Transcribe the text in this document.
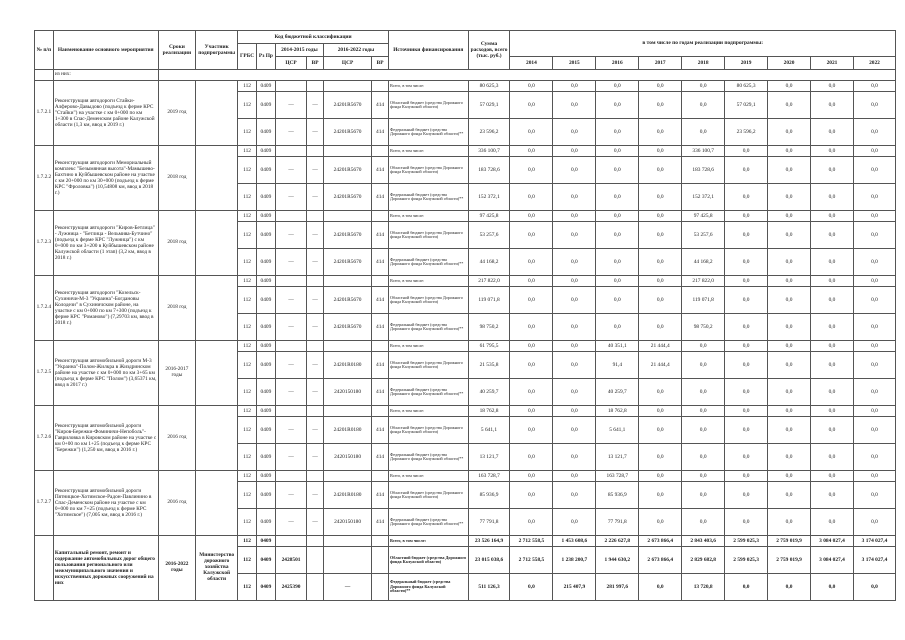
№ п/п	Наименование основного мероприятия	Сроки реализации	Участник подпрограммы	Код бюджетной классификации						Источники финансирования	Сумма расходов, всего (тыс. руб.)	в том числе по годам реализации подпрограммы:								
				ГРБС	Рз Пр	2014-2015 годы		2016-2022 годы												
						ЦСР	ВР	ЦСР	ВР											
												2014	2015	2016	2017	2018	2019	2020	2021	2022
	из них:																			
1.7.2.1	Реконструкция автодороги Стайки-Алферово-Давыдово (подъезд к ферме КРС "Стайки") на участке с км 0+000 по км 1+300 в Спас-Деменском районе Калужской области (1,3 км, ввод в 2019 г.)	2019 год		112	0409					Всего, в том числе:	80 625,3	0,0	0,0	0,0	0,0	0,0	80 625,3	0,0	0,0	0,0
				112	0409	—	—	24201R5670	414	Областной бюджет (средства Дорожного фонда Калужской области)	57 029,1	0,0	0,0	0,0	0,0	0,0	57 029,1	0,0	0,0	0,0
				112	0409	—	—	24201R5670	414	Федеральный бюджет (средства Дорожного фонда Калужской области)**	23 596,2	0,0	0,0	0,0	0,0	0,0	23 596,2	0,0	0,0	0,0
1.7.2.2	Реконструкция автодороги Мемориальный комплекс "Безымянная высота"-Мамышево-Бахтино в Куйбышевском районе на участке с км 20+000 по км 30+000 (подъезд к ферме КРС "Фроловка") (10,54808 км, ввод в 2018 г.)	2018 год		112	0409					Всего, в том числе:	336 100,7	0,0	0,0	0,0	0,0	336 100,7	0,0	0,0	0,0	0,0
				112	0409	—	—	24201R5670	414	Областной бюджет (средства Дорожного фонда Калужской области)	183 728,6	0,0	0,0	0,0	0,0	183 728,6	0,0	0,0	0,0	0,0
				112	0409	—	—	24201R5670	414	Федеральный бюджет (средства Дорожного фонда Калужской области)**	152 372,1	0,0	0,0	0,0	0,0	152 372,1	0,0	0,0	0,0	0,0
1.7.2.3	Реконструкция автодороги "Киров-Бетлица" - Лужница - "Бетлица - Вельмива-Бутчино" (подъезд к ферме КРС "Лужница") с км 0+000 по км 3+200 в Куйбышевском районе Калужской области (1 этап) (3,2 км, ввод в 2018 г.)	2018 год		112	0409					Всего, в том числе:	97 425,8	0,0	0,0	0,0	0,0	97 425,8	0,0	0,0	0,0	0,0
				112	0409	—	—	24201R5670	414	Областной бюджет (средства Дорожного фонда Калужской области)	53 257,6	0,0	0,0	0,0	0,0	53 257,6	0,0	0,0	0,0	0,0
				112	0409	—	—	24201R5670	414	Федеральный бюджет (средства Дорожного фонда Калужской области)**	44 168,2	0,0	0,0	0,0	0,0	44 168,2	0,0	0,0	0,0	0,0
1.7.2.4	Реконструкция автодороги "Козельск-Сухиничи-М-3 "Украина"-Богдановы Колодези" в Сухиничском районе, на участке с км 0+000 по км 7+300 (подъезд к ферме КРС "Романово") (7,29703 км, ввод в 2018 г.)	2018 год		112	0409					Всего, в том числе:	217 822,0	0,0	0,0	0,0	0,0	217 822,0	0,0	0,0	0,0	0,0
				112	0409	—	—	24201R5670	414	Областной бюджет (средства Дорожного фонда Калужской области)	119 071,8	0,0	0,0	0,0	0,0	119 071,8	0,0	0,0	0,0	0,0
				112	0409	—	—	24201R5670	414	Федеральный бюджет (средства Дорожного фонда Калужской области)**	98 750,2	0,0	0,0	0,0	0,0	98 750,2	0,0	0,0	0,0	0,0
1.7.2.5	Реконструкция автомобильной дороги М-3 "Украина"-Полом-Жилкра в Жиздринском районе на участке с км 0+000 по км 3+65 км (подъезд к ферме КРС "Полом") (3,65371 км, ввод в 2017 г.)	2016-2017 годы		112	0409					Всего, в том числе:	61 795,5	0,0	0,0	40 351,1	21 444,4	0,0	0,0	0,0	0,0	0,0
				112	0409	—	—	24201R0180	414	Областной бюджет (средства Дорожного фонда Калужской области)	21 535,8	0,0	0,0	91,4	21 444,4	0,0	0,0	0,0	0,0	0,0
				112	0409	—	—	2420150180	414	Федеральный бюджет (средства Дорожного фонда Калужской области)**	40 259,7	0,0	0,0	40 259,7	0,0	0,0	0,0	0,0	0,0	0,0
1.7.2.6	Реконструкция автомобильной дороги "Киров-Бережки-Фоминичи-Непоболь"-Гавриловка в Кировском районе на участке с км 0+00 по км 1+25 (подъезд к ферме КРС "Бережки") (1,250 км, ввод в 2016 г.)	2016 год		112	0409					Всего, в том числе:	18 762,8	0,0	0,0	18 762,8	0,0	0,0	0,0	0,0	0,0	0,0
				112	0409	—	—	24201R0180	414	Областной бюджет (средства Дорожного фонда Калужской области)	5 641,1	0,0	0,0	5 641,1	0,0	0,0	0,0	0,0	0,0	0,0
				112	0409	—	—	2420150180	414	Федеральный бюджет (средства Дорожного фонда Калужской области)**	13 121,7	0,0	0,0	13 121,7	0,0	0,0	0,0	0,0	0,0	0,0
1.7.2.7	Реконструкция автомобильной дороги Пятницкое-Хотимское-Радон-Павлинино в Спас-Деменском районе на участке с км 0+000 по км 7+25 (подъезд к ферме КРС "Хотимское") (7,005 км, ввод в 2016 г.)	2016 год		112	0409					Всего, в том числе:	163 728,7	0,0	0,0	163 728,7	0,0	0,0	0,0	0,0	0,0	0,0
				112	0409	—	—	24201R0180	414	Областной бюджет (средства Дорожного фонда Калужской области)	85 936,9	0,0	0,0	85 936,9	0,0	0,0	0,0	0,0	0,0	0,0
				112	0409	—	—	2420150180	414	Федеральный бюджет (средства Дорожного фонда Калужской области)**	77 791,8	0,0	0,0	77 791,8	0,0	0,0	0,0	0,0	0,0	0,0
	Капитальный ремонт, ремонт и содержание автомобильных дорог общего пользования регионального или межмуниципального значения и искусственных дорожных сооружений на них	2016-2022 годы	Министерство дорожного хозяйства Калужской области	112	0409					Всего, в том числе:	23 526 164,9	2 712 558,5	1 453 608,6	2 226 627,8	2 673 866,4	2 843 403,6	2 599 025,3	2 759 019,9	3 084 027,4	3 174 027,4
				112	0409	2428501				Областной бюджет (средства Дорожного фонда Калужской области)	23 015 038,6	2 712 558,5	1 238 200,7	1 944 630,2	2 673 866,4	2 829 682,8	2 599 025,3	2 759 019,9	3 084 027,4	3 174 027,4
				112	0409	2425390		—		Федеральный бюджет (средства Дорожного фонда Калужской области)**	511 126,3	0,0	215 407,9	281 997,6	0,0	13 720,8	0,0	0,0	0,0	0,0
